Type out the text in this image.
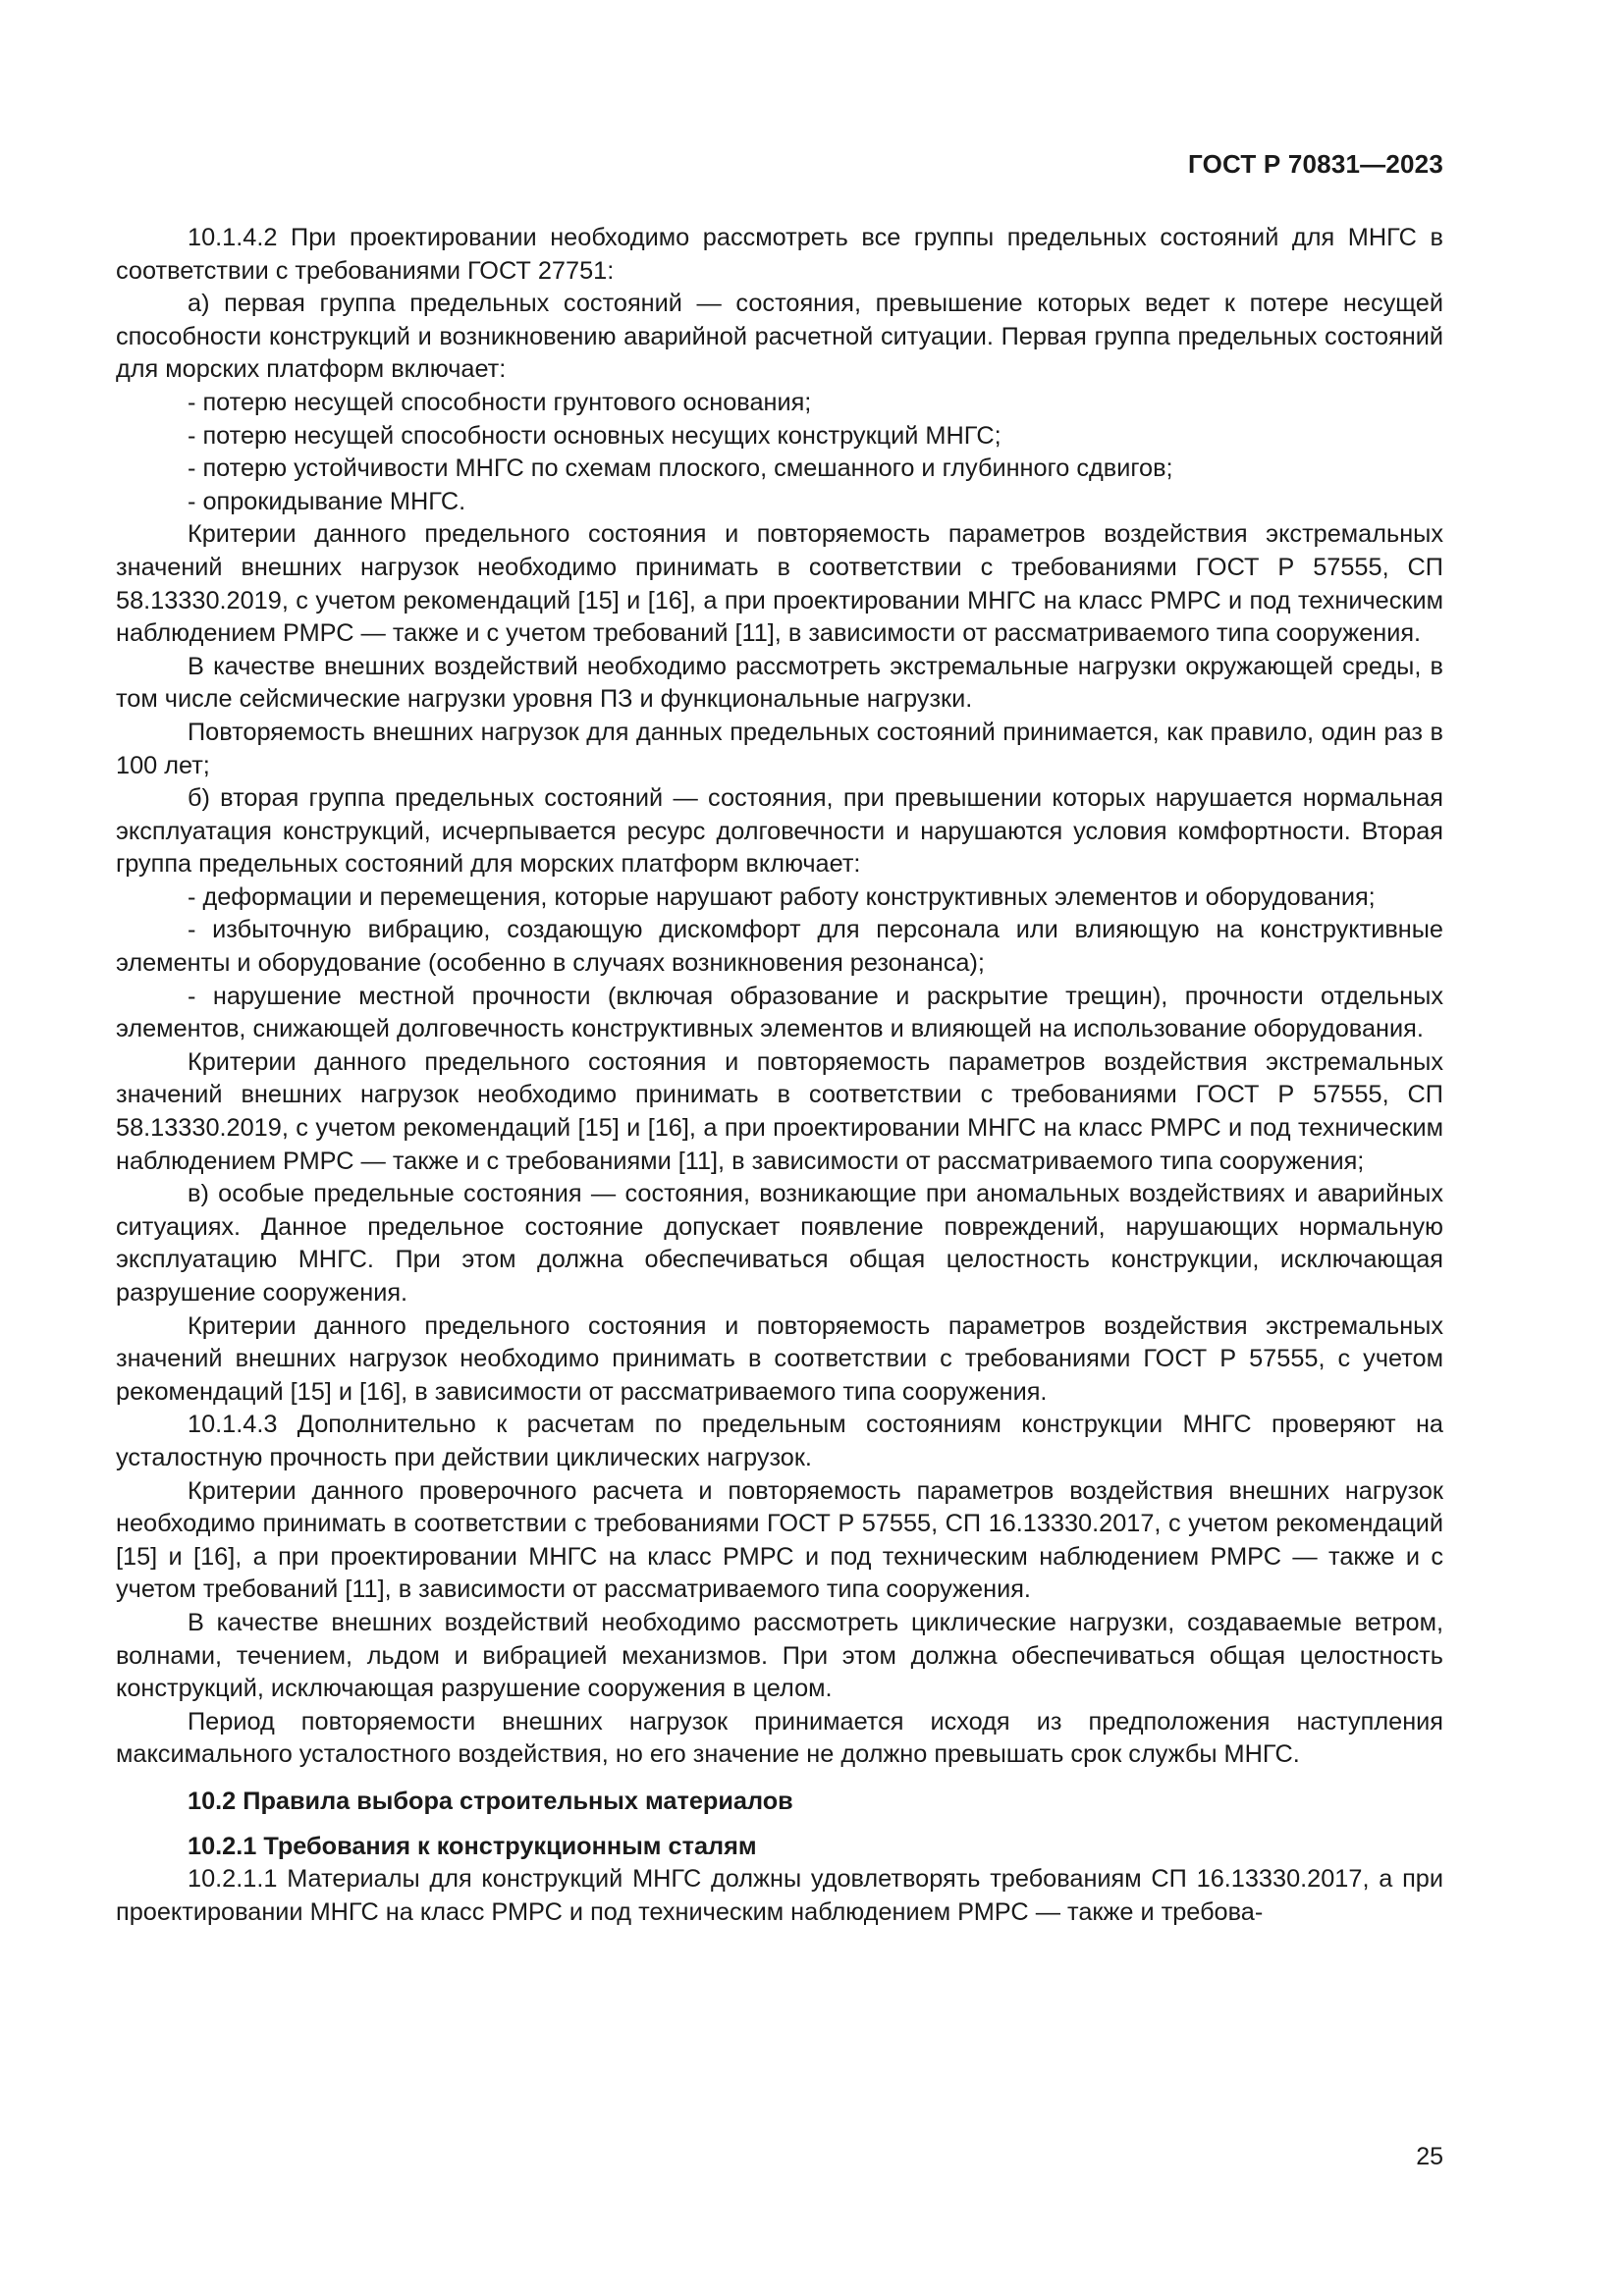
ГОСТ Р 70831—2023

10.1.4.2 При проектировании необходимо рассмотреть все группы предельных состояний для МНГС в соответствии с требованиями ГОСТ 27751:

а) первая группа предельных состояний — состояния, превышение которых ведет к потере несущей способности конструкций и возникновению аварийной расчетной ситуации. Первая группа предельных состояний для морских платформ включает:

- потерю несущей способности грунтового основания;

- потерю несущей способности основных несущих конструкций МНГС;

- потерю устойчивости МНГС по схемам плоского, смешанного и глубинного сдвигов;

- опрокидывание МНГС.

Критерии данного предельного состояния и повторяемость параметров воздействия экстремальных значений внешних нагрузок необходимо принимать в соответствии с требованиями ГОСТ Р 57555, СП 58.13330.2019, с учетом рекомендаций [15] и [16], а при проектировании МНГС на класс РМРС и под техническим наблюдением РМРС — также и с учетом требований [11], в зависимости от рассматриваемого типа сооружения.

В качестве внешних воздействий необходимо рассмотреть экстремальные нагрузки окружающей среды, в том числе сейсмические нагрузки уровня ПЗ и функциональные нагрузки.

Повторяемость внешних нагрузок для данных предельных состояний принимается, как правило, один раз в 100 лет;

б) вторая группа предельных состояний — состояния, при превышении которых нарушается нормальная эксплуатация конструкций, исчерпывается ресурс долговечности и нарушаются условия комфортности. Вторая группа предельных состояний для морских платформ включает:

- деформации и перемещения, которые нарушают работу конструктивных элементов и оборудования;

- избыточную вибрацию, создающую дискомфорт для персонала или влияющую на конструктивные элементы и оборудование (особенно в случаях возникновения резонанса);

- нарушение местной прочности (включая образование и раскрытие трещин), прочности отдельных элементов, снижающей долговечность конструктивных элементов и влияющей на использование оборудования.

Критерии данного предельного состояния и повторяемость параметров воздействия экстремальных значений внешних нагрузок необходимо принимать в соответствии с требованиями ГОСТ Р 57555, СП 58.13330.2019, с учетом рекомендаций [15] и [16], а при проектировании МНГС на класс РМРС и под техническим наблюдением РМРС — также и с требованиями [11], в зависимости от рассматриваемого типа сооружения;

в) особые предельные состояния — состояния, возникающие при аномальных воздействиях и аварийных ситуациях. Данное предельное состояние допускает появление повреждений, нарушающих нормальную эксплуатацию МНГС. При этом должна обеспечиваться общая целостность конструкции, исключающая разрушение сооружения.

Критерии данного предельного состояния и повторяемость параметров воздействия экстремальных значений внешних нагрузок необходимо принимать в соответствии с требованиями ГОСТ Р 57555, с учетом рекомендаций [15] и [16], в зависимости от рассматриваемого типа сооружения.

10.1.4.3 Дополнительно к расчетам по предельным состояниям конструкции МНГС проверяют на усталостную прочность при действии циклических нагрузок.

Критерии данного проверочного расчета и повторяемость параметров воздействия внешних нагрузок необходимо принимать в соответствии с требованиями ГОСТ Р 57555, СП 16.13330.2017, с учетом рекомендаций [15] и [16], а при проектировании МНГС на класс РМРС и под техническим наблюдением РМРС — также и с учетом требований [11], в зависимости от рассматриваемого типа сооружения.

В качестве внешних воздействий необходимо рассмотреть циклические нагрузки, создаваемые ветром, волнами, течением, льдом и вибрацией механизмов. При этом должна обеспечиваться общая целостность конструкций, исключающая разрушение сооружения в целом.

Период повторяемости внешних нагрузок принимается исходя из предположения наступления максимального усталостного воздействия, но его значение не должно превышать срок службы МНГС.

10.2 Правила выбора строительных материалов
10.2.1 Требования к конструкционным сталям

10.2.1.1 Материалы для конструкций МНГС должны удовлетворять требованиям СП 16.13330.2017, а при проектировании МНГС на класс РМРС и под техническим наблюдением РМРС — также и требова-

25
